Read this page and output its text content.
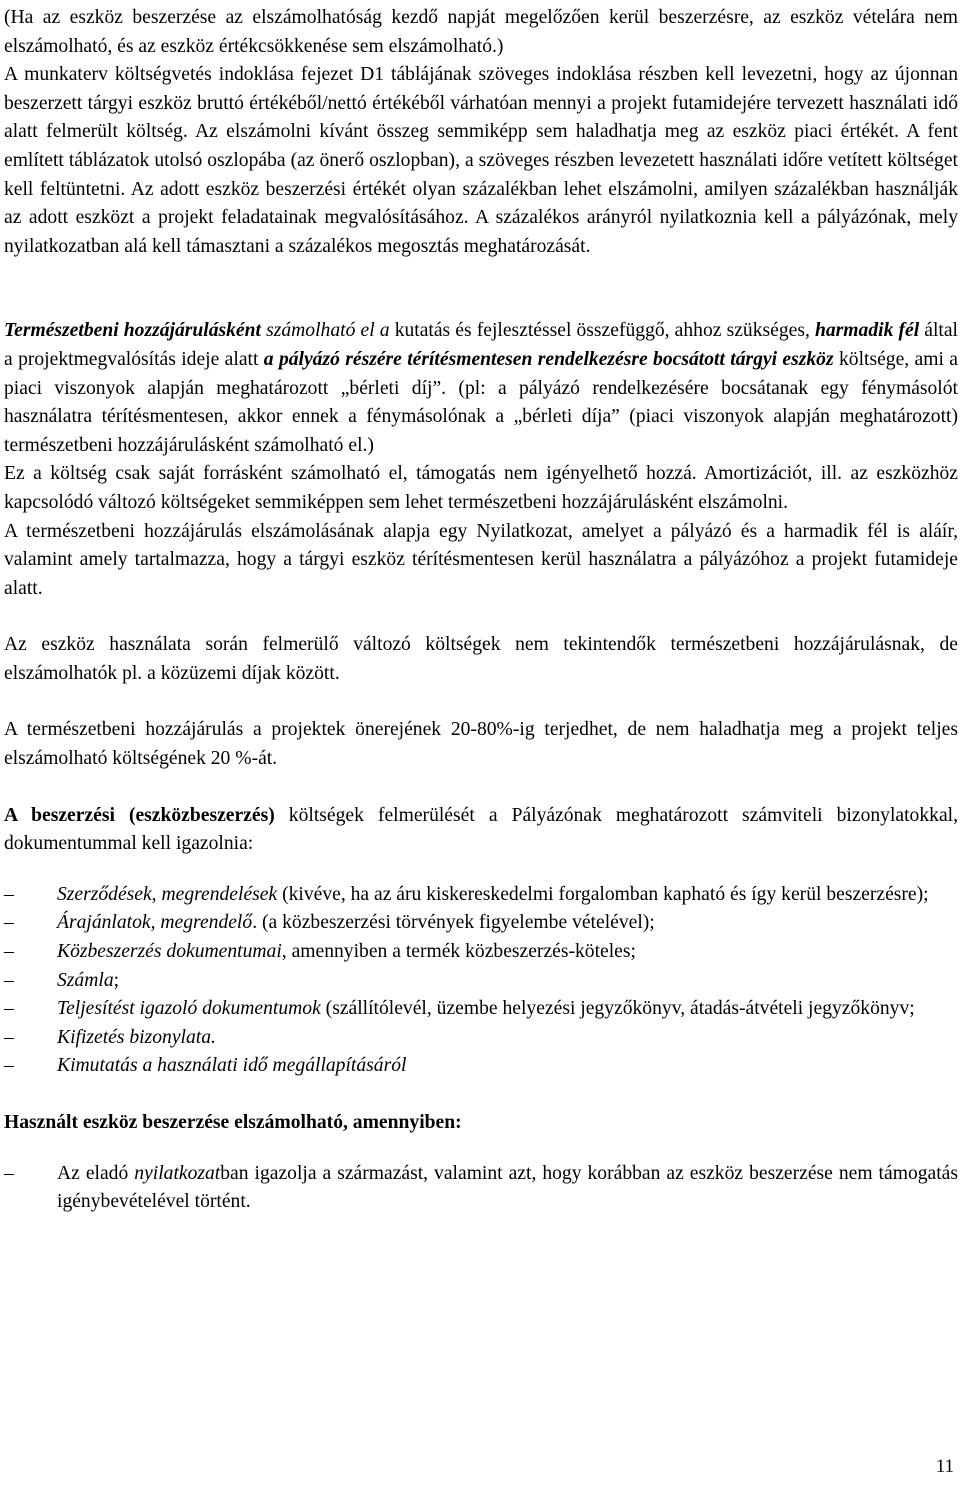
(Ha az eszköz beszerzése az elszámolhatóság kezdő napját megelőzően kerül beszerzésre, az eszköz vételára nem elszámolható, és az eszköz értékcsökkenése sem elszámolható.)

A munkaterv költségvetés indoklása fejezet D1 táblájának szöveges indoklása részben kell levezetni, hogy az újonnan beszerzett tárgyi eszköz bruttó értékéből/nettó értékéből várhatóan mennyi a projekt futamidejére tervezett használati idő alatt felmerült költség. Az elszámolni kívánt összeg semmiképp sem haladhatja meg az eszköz piaci értékét. A fent említett táblázatok utolsó oszlopába (az önerő oszlopban), a szöveges részben levezetett használati időre vetített költséget kell feltüntetni. Az adott eszköz beszerzési értékét olyan százalékban lehet elszámolni, amilyen százalékban használják az adott eszközt a projekt feladatainak megvalósításához. A százalékos arányról nyilatkoznia kell a pályázónak, mely nyilatkozatban alá kell támasztani a százalékos megosztás meghatározását.

Természetbeni hozzájárulásként számolható el a kutatás és fejlesztéssel összefüggő, ahhoz szükséges, harmadik fél által a projektmegvalósítás ideje alatt a pályázó részére térítésmentesen rendelkezésre bocsátott tárgyi eszköz költsége, ami a piaci viszonyok alapján meghatározott „bérleti díj”. (pl: a pályázó rendelkezésére bocsátanak egy fénymásolót használatra térítésmentesen, akkor ennek a fénymásolónak a „bérleti díja” (piaci viszonyok alapján meghatározott) természetbeni hozzájárulásként számolható el.)

Ez a költség csak saját forrásként számolható el, támogatás nem igényelhető hozzá. Amortizációt, ill. az eszközhöz kapcsolódó változó költségeket semmiképpen sem lehet természetbeni hozzájárulásként elszámolni.

A természetbeni hozzájárulás elszámolásának alapja egy Nyilatkozat, amelyet a pályázó és a harmadik fél is aláír, valamint amely tartalmazza, hogy a tárgyi eszköz térítésmentesen kerül használatra a pályázóhoz a projekt futamideje alatt.

Az eszköz használata során felmerülő változó költségek nem tekintendők természetbeni hozzájárulásnak, de elszámolhatók pl. a közüzemi díjak között.

A természetbeni hozzájárulás a projektek önerejének 20-80%-ig terjedhet, de nem haladhatja meg a projekt teljes elszámolható költségének 20 %-át.

A beszerzési (eszközbeszerzés) költségek felmerülését a Pályázónak meghatározott számviteli bizonylatokkal, dokumentummal kell igazolnia:

– Szerződések, megrendelések (kivéve, ha az áru kiskereskedelmi forgalomban kapható és így kerül beszerzésre);
– Árajánlatok, megrendelő. (a közbeszerzési törvények figyelembe vételével);
– Közbeszerzés dokumentumai, amennyiben a termék közbeszerzés-köteles;
– Számla;
– Teljesítést igazoló dokumentumok (szállítólevél, üzembe helyezési jegyzőkönyv, átadás-átvételi jegyzőkönyv;
– Kifizetés bizonylata.
– Kimutatás a használati idő megállapításáról

Használt eszköz beszerzése elszámolható, amennyiben:

– Az eladó nyilatkozatban igazolja a származást, valamint azt, hogy korábban az eszköz beszerzése nem támogatás igénybevételével történt.
11
